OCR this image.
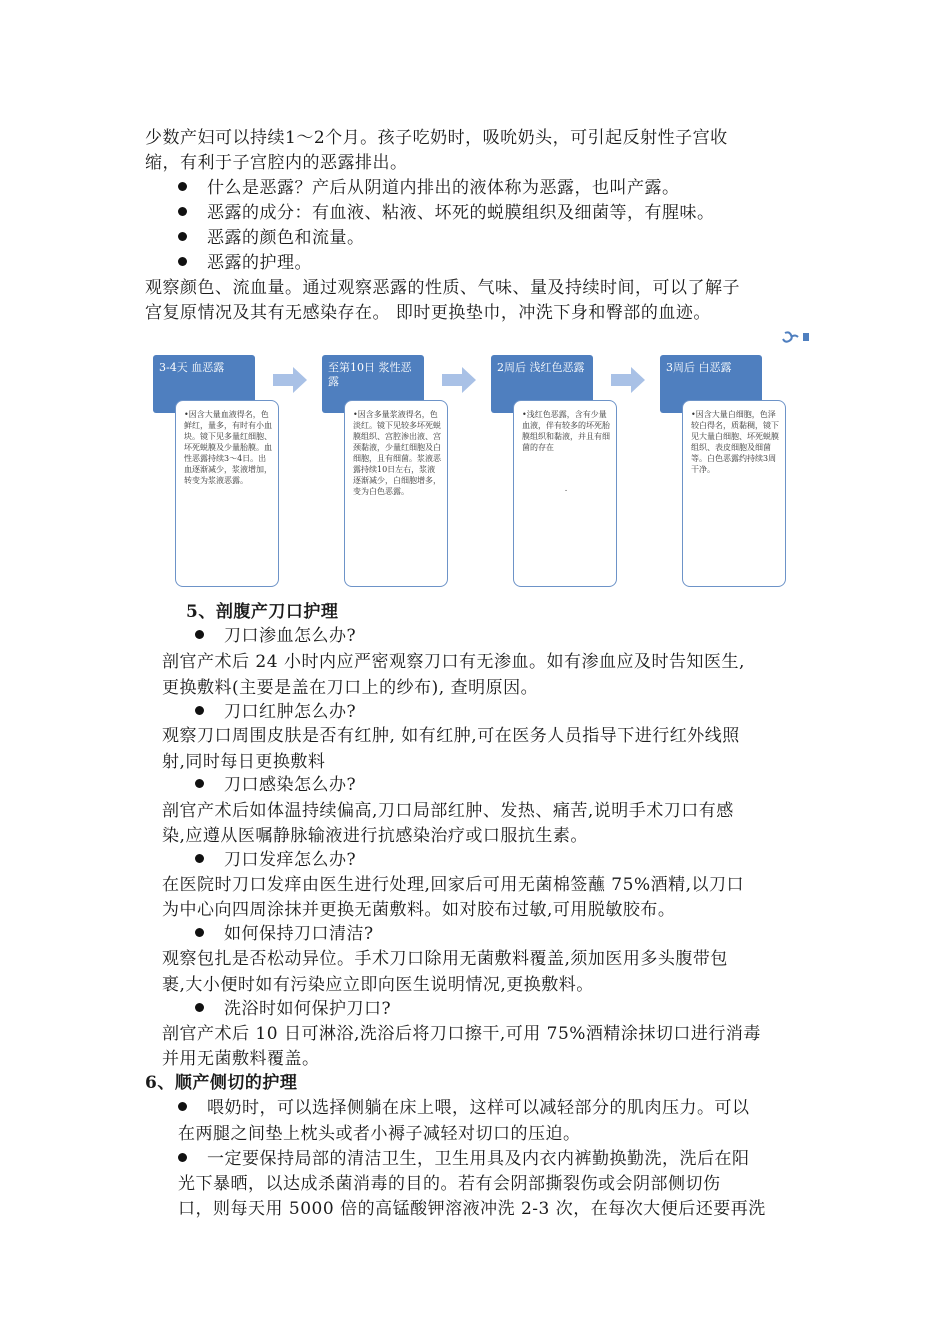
少数产妇可以持续1～2个月。孩子吃奶时，吸吮奶头，可引起反射性子宫收
缩，有利于子宫腔内的恶露排出。
什么是恶露？产后从阴道内排出的液体称为恶露，也叫产露。
恶露的成分：有血液、粘液、坏死的蜕膜组织及细菌等，有腥味。
恶露的颜色和流量。
恶露的护理。
观察颜色、流血量。通过观察恶露的性质、气味、量及持续时间，可以了解子
宫复原情况及其有无感染存在。 即时更换垫巾，冲洗下身和臀部的血迹。
3-4天 血恶露
•因含大量血液得名，色鲜红，量多，有时有小血块。镜下见多量红细胞、坏死蜕膜及少量胎膜。血性恶露持续3～4日。出血逐渐减少，浆液增加，转变为浆液恶露。
至第10日 浆性恶露
•因含多量浆液得名，色淡红。镜下见较多坏死蜕膜组织、宫腔渗出液、宫颈黏液，少量红细胞及白细胞，且有细菌。浆液恶露持续10日左右，浆液逐渐减少，白细胞增多，变为白色恶露。
2周后 浅红色恶露
•浅红色恶露，含有少量血液，伴有较多的坏死胎膜组织和黏液，并且有细菌的存在
.
3周后 白恶露
•因含大量白细胞，色泽较白得名，质黏稠，镜下见大量白细胞、坏死蜕膜组织、表皮细胞及细菌等。白色恶露约持续3周干净。
5、剖腹产刀口护理
刀口渗血怎么办?
剖官产术后 24 小时内应严密观察刀口有无渗血。如有渗血应及时告知医生,
更换敷料(主要是盖在刀口上的纱布), 查明原因。
刀口红肿怎么办?
观察刀口周围皮肤是否有红肿, 如有红肿,可在医务人员指导下进行红外线照
射,同时每日更换敷料
刀口感染怎么办?
剖官产术后如体温持续偏高,刀口局部红肿、发热、痛苦,说明手术刀口有感
染,应遵从医嘱静脉输液进行抗感染治疗或口服抗生素。
刀口发痒怎么办?
在医院时刀口发痒由医生进行处理,回家后可用无菌棉签蘸 75%酒精,以刀口
为中心向四周涂抹并更换无菌敷料。如对胶布过敏,可用脱敏胶布。
如何保持刀口清洁?
观察包扎是否松动异位。手术刀口除用无菌敷料覆盖,须加医用多头腹带包
裹,大小便时如有污染应立即向医生说明情况,更换敷料。
洗浴时如何保护刀口?
剖官产术后 10 日可淋浴,洗浴后将刀口擦干,可用 75%酒精涂抹切口进行消毒
并用无菌敷料覆盖。
6、顺产侧切的护理
喂奶时，可以选择侧躺在床上喂，这样可以减轻部分的肌肉压力。可以
在两腿之间垫上枕头或者小褥子减轻对切口的压迫。
一定要保持局部的清洁卫生，卫生用具及内衣内裤勤换勤洗，洗后在阳
光下暴晒，以达成杀菌消毒的目的。若有会阴部撕裂伤或会阴部侧切伤
口，则每天用 5000 倍的高锰酸钾溶液冲洗 2-3 次，在每次大便后还要再洗
